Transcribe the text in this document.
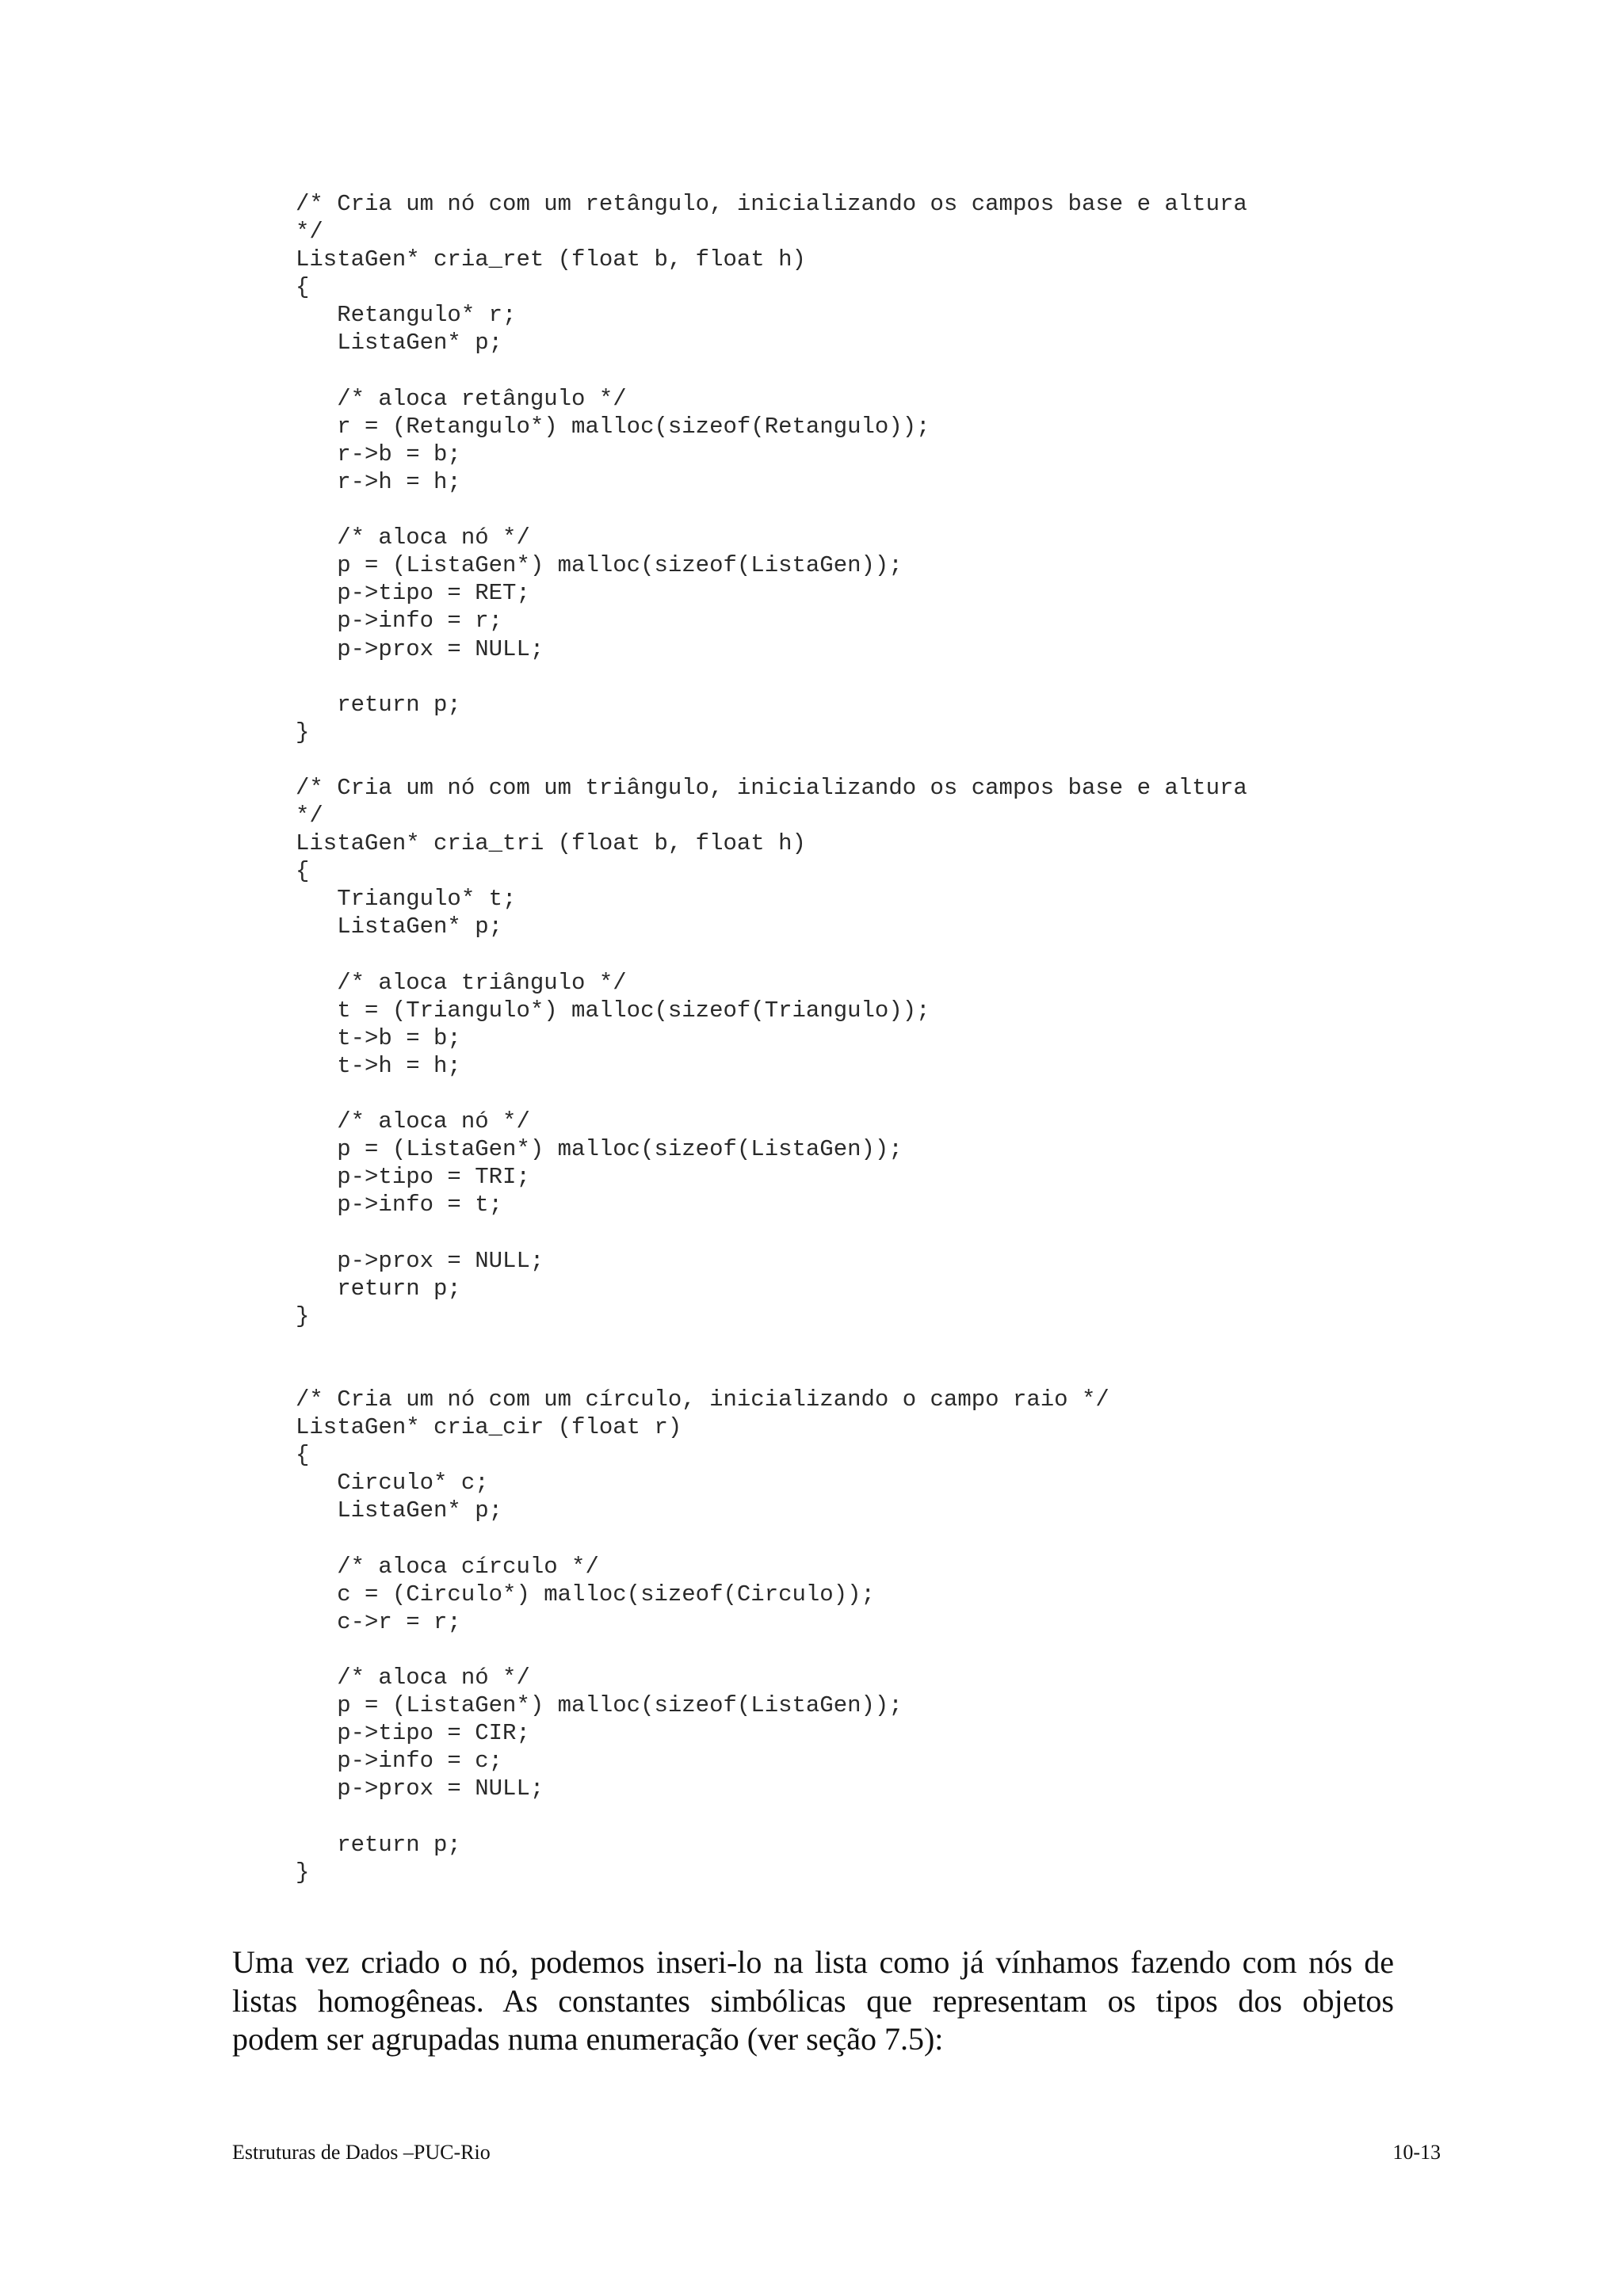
/* Cria um nó com um retângulo, inicializando os campos base e altura
*/
ListaGen* cria_ret (float b, float h)
{
Retangulo* r;
ListaGen* p;
/* aloca retângulo */
r = (Retangulo*) malloc(sizeof(Retangulo));
r->b = b;
r->h = h;
/* aloca nó */
p = (ListaGen*) malloc(sizeof(ListaGen));
p->tipo = RET;
p->info = r;
p->prox = NULL;
return p;
}
/* Cria um nó com um triângulo, inicializando os campos base e altura
*/
ListaGen* cria_tri (float b, float h)
{
Triangulo* t;
ListaGen* p;
/* aloca triângulo */
t = (Triangulo*) malloc(sizeof(Triangulo));
t->b = b;
t->h = h;
/* aloca nó */
p = (ListaGen*) malloc(sizeof(ListaGen));
p->tipo = TRI;
p->info = t;
p->prox = NULL;
return p;
}
/* Cria um nó com um círculo, inicializando o campo raio */
ListaGen* cria_cir (float r)
{
Circulo* c;
ListaGen* p;
/* aloca círculo */
c = (Circulo*) malloc(sizeof(Circulo));
c->r = r;
/* aloca nó */
p = (ListaGen*) malloc(sizeof(ListaGen));
p->tipo = CIR;
p->info = c;
p->prox = NULL;
return p;
}
Uma vez criado o nó, podemos inseri-lo na lista como já vínhamos fazendo com nós de
listas homogêneas. As constantes simbólicas que representam os tipos dos objetos
podem ser agrupadas numa enumeração (ver seção 7.5):
Estruturas de Dados –PUC-Rio	10-13
